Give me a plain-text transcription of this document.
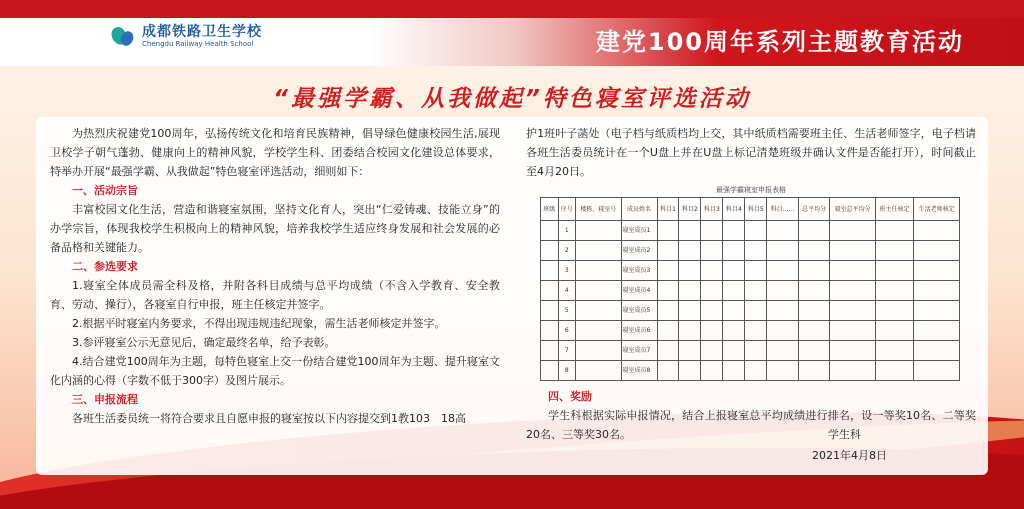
成都铁路卫生学校
Chengdu Railway Health School	建党100周年系列主题教育活动
“最强学霸、从我做起”特色寝室评选活动

为热烈庆祝建党100周年，弘扬传统文化和培育民族精神，倡导绿色健康校园生活,展现卫校学子朝气蓬勃、健康向上的精神风貌，学校学生科、团委结合校园文化建设总体要求，特举办开展“最强学霸、从我做起”特色寝室评选活动，细则如下：

一、活动宗旨

丰富校园文化生活，营造和谐寝室氛围，坚持文化育人，突出“仁爱铸魂、技能立身”的办学宗旨，体现我校学生积极向上的精神风貌，培养我校学生适应终身发展和社会发展的必备品格和关键能力。

二、参选要求

1.寝室全体成员需全科及格，并附各科目成绩与总平均成绩（不含入学教育、安全教育、劳动、操行），各寝室自行申报，班主任核定并签字。

2.根据平时寝室内务要求，不得出现违规违纪现象，需生活老师核定并签字。

3.参评寝室公示无意见后，确定最终名单，给予表彰。

4.结合建党100周年为主题，每特色寝室上交一份结合建党100周年为主题、提升寝室文化内涵的心得（字数不低于300字）及图片展示。

三、申报流程

各班生活委员统一将符合要求且自愿申报的寝室按以下内容提交到1教103　18高

护1班叶子菡处（电子档与纸质档均上交，其中纸质档需要班主任、生活老师签字，电子档请各班生活委员统计在一个U盘上并在U盘上标记清楚班级并确认文件是否能打开），时间截止至4月20日。

最强学霸寝室申报表格
班级	序号	楼栋、寝室号	成员姓名	科目1	科目2	科目3	科目4	科目5	科目……	总平均分	寝室总平均分	班主任核定	生活老师核定
	1		寝室成员1										
	2		寝室成员2										
	3		寝室成员3										
	4		寝室成员4										
	5		寝室成员5										
	6		寝室成员6										
	7		寝室成员7										
	8		寝室成员8										

四、奖励

学生科根据实际申报情况，结合上报寝室总平均成绩进行排名，设一等奖10名、二等奖20名、三等奖30名。	学生科
2021年4月8日
